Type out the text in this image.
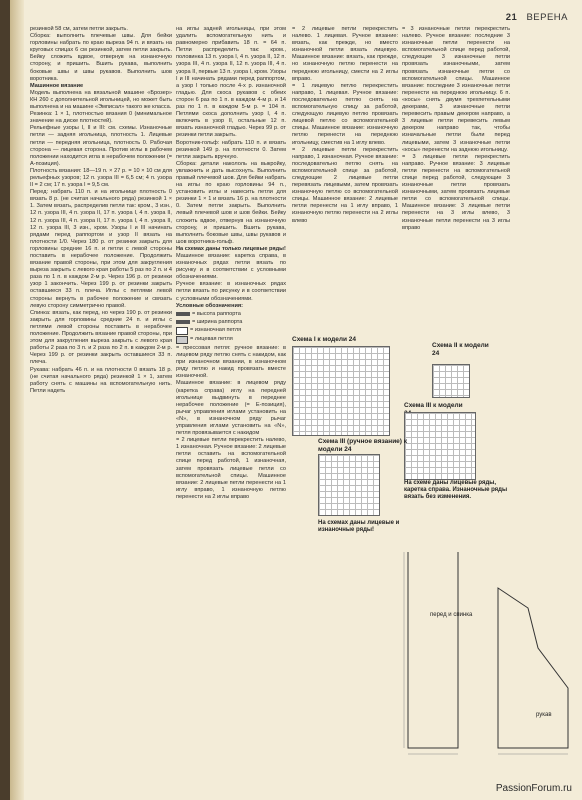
21 ВЕРЕНА

резинкой 58 см, затем петли закрыть.

Сборка: выполнить плечевые швы. Для бейки горловины набрать по краю выреза 94 п. и вязать на круговых спицах 6 см резинкой, затем петли закрыть. Бейку сложить вдвое, отвернув на изнаночную сторону, и пришить. Вшить рукава, выполнить боковые швы и швы рукавов. Выполнить шов воротника.

Машинное вязание

Модель выполнена на вязальной машине «Брозер» КН 260 с дополнительной игольницей, но может быть выполнена и на машине «Эмписал» такого же класса.

Резинка: 1 × 1, плотностью вязания 0 (минимальное значение на диске плотностей).

Рельефные узоры I, II и III: см. схемы. Изнаночные петли — задняя игольница, плотность 1. Лицевые петли — передняя игольница, плотность 0. Рабочая сторона — лицевая сторона. Против иглы в рабочем положении находится игла в нерабочем положении (= А-позиция).

Плотность вязания: 18—19 п. × 27 р. = 10 × 10 см для рельефных узоров; 12 п. узора III = 6,5 см; 4 п. узора II = 2 см; 17 п. узора I = 9,5 см.

Перед: набрать 110 п. и на игольнице плотность 0 вязать 8 р. (не считая начального ряда) резинкой 1 × 1. Затем вязать, распределив петли так: кром., 3 изн., 12 п. узора III, 4 п. узора II, 17 п. узора I, 4 п. узора II, 12 п. узора III, 4 п. узора II, 17 п. узора I, 4 п. узора II, 12 п. узора III, 3 изн., кром. Узоры I и III начинать рядами перед раппортом и узор II вязать на плотности 1/0. Через 180 р. от резинки закрыть для горловины средние 16 п. и петли с левой стороны поставить в нерабочее положение. Продолжить вязание правой стороны, при этом для закругления выреза закрыть с левого края работы 5 раз по 2 п. и 4 раза по 1 п. в каждом 2-м р. Через 196 р. от резинки узор 1 закончить. Через 199 р. от резинки закрыть оставшиеся 33 п. плеча. Иглы с петлями левой стороны вернуть в рабочее положение и связать левую сторону симметрично правой.

Спинка: вязать, как перед, но через 190 р. от резинки закрыть для горловины средние 24 п. и иглы с петлями левой стороны поставить в нерабочее положение. Продолжить вязание правой стороны, при этом для закругления выреза закрыть с левого края работы 2 раза по 3 п. и 2 раза по 2 п. в каждом 2-м р. Через 199 р. от резинки закрыть оставшиеся 33 п. плеча.

Рукава: набрать 46 п. и на плотности 0 вязать 18 р. (не считая начального ряда) резинкой 1 × 1, затем работу снять с машины на вспомогательную нить. Петли надеть

на иглы задней игольницы, при этом удалить вспомогательную нить и равномерно прибавить 18 п. = 64 п. Петли распределить так: кром., половинка 13 п. узора I, 4 п. узора II, 12 п. узора III, 4 п. узора II, 12 п. узора III, 4 п. узора II, первые 13 п. узора I, кром. Узоры I и III начинать рядами перед раппортом, а узор I только после 4-х р. изнаночной гладью. Для скоса рукавов с обеих сторон 6 раз по 1 п. в каждом 4-м р. и 14 раз по 1 п. в каждом 5-м р. = 104 п. Петлями скоса дополнить узор I, 4 п. включить в узор II, остальные 12 п. вязать изнаночной гладью. Через 99 р. от резинки петли закрыть.

Воротник-гольф: набрать 110 п. и вязать резинкой 149 р. на плотности 0. Затем петли закрыть вручную.

Сборка: детали накололь на выкройку, увлажнить и дать высохнуть. Выполнить правый плечевой шов. Для бейки набрать на иглы по краю горловины 94 п., установить иглы и навесить петли для резинки 1 × 1 и вязать 16 р. на плотности 0. Затем петли закрыть. Выполнить левый плечевой шов и шов бейки. Бейку сложить вдвое, отвернув на изнаночную сторону, и пришить. Вшить рукава, выполнить боковые швы, швы рукавов и шов воротника-гольф.

На схемах даны только лицевые ряды!

Машинное вязание: каретка справа, в изнаночных рядах петли вязать по рисунку и в соответствии с условными обозначениями.

Ручное вязание: в изнаночных рядах петли вязать по рисунку и в соответствии с условными обозначениями.

Условные обозначения:

= высота раппорта
= ширина раппорта
= изнаночная петля
= лицевая петля

= прессовая петля: ручное вязание: в лицевом ряду петлю снять с накидом, как при изнаночном вязании, в изнаночном ряду петлю и накид провязать вместе изнаночной.

Машинное вязание: в лицевом ряду (каретка справа) иглу на передней игольнице выдвинуть в переднее нерабочее положение (= Е-позиция), рычаг управления иглами установить на «N», в изнаночном ряду рычаг управления иглами установить на «N», петля провязывается с накидом

= 2 лицевые петли перекрестить налево, 1 изнаночная. Ручное вязание: 2 лицевые петли оставить на вспомогательной спице перед работой, 1 изнаночная, затем провязать лицевые петли со вспомогательной спицы. Машинное вязание: 2 лицевые петли перенести на 1 иглу вправо, 1 изнаночную петлю перенести на 2 иглы вправо

= 2 лицевые петли перекрестить налево. 1 лицевая. Ручное вязание: вязать, как прежде, но вместо изнаночной петли вязать лицевую. Машинное вязание: вязать, как прежде, но изнаночную петлю перенести на переднюю игольницу, смести на 2 иглы вправо.

= 1 лицевую петлю перекрестить направо, 1 лицевая. Ручное вязание: последовательно петлю снять на вспомогательную спицу за работой, следующую лицевую петлю провязать лицевой петлю со вспомогательной спицы. Машинное вязание: изнаночную петлю перенести на переднюю игольницу, сместив на 1 иглу влево.

= 2 лицевые петли перекрестить направо, 1 изнаночная. Ручное вязание: последовательно петлю снять на вспомогательной спице за работой, следующие 2 лицевые петли перевязать лицевыми, затем провязать изнаночную петлю со вспомогательной спицы. Машинное вязание: 2 лицевые петли перенести на 1 иглу вправо, 1 изнаночную петлю перенести на 2 иглы влево

= 3 изнаночные петли перекрестить налево. Ручное вязание: последние 3 изнаночные петли перенести на вспомогательной спице перед работой, следующие 3 изнаночные петли провязать изнаночными, затем провязать изнаночные петли со вспомогательной спицы. Машинное вязание: последние 3 изнаночные петли перенести на переднюю игольницу. 6 п. «косы» снять двумя трехпетельными декерами, 3 изнаночные петли перевесить правым декером направо, а 3 лицевые петли перевесить левым декером направо так, чтобы изначальные петли были перед лицевыми, затем 3 изнаночные петли «косы» перенести на заднюю игольницу.

= 3 лицевые петли перекрестить направо. Ручное вязание: 3 лицевые петли перенести на вспомогательной спице перед работой, следующие 3 изнаночные петли провязать изнаночными, затем провязать лицевые петли со вспомогательной спицы. Машинное вязание: 3 лицевые петли перенести на 3 иглы влево, 3 изнаночные петли перенести на 3 иглы вправо

Схема I к модели 24
Схема II к модели 24
Схема III к модели
Схема III (ручное вязание) к модели 24
На схемах даны лицевые и изнаночные ряды!
На схеме даны лицевые ряды, каретка справа. Изнаночные ряды вязать без изменения.
перед и спинка
рукав
PassionForum.ru
